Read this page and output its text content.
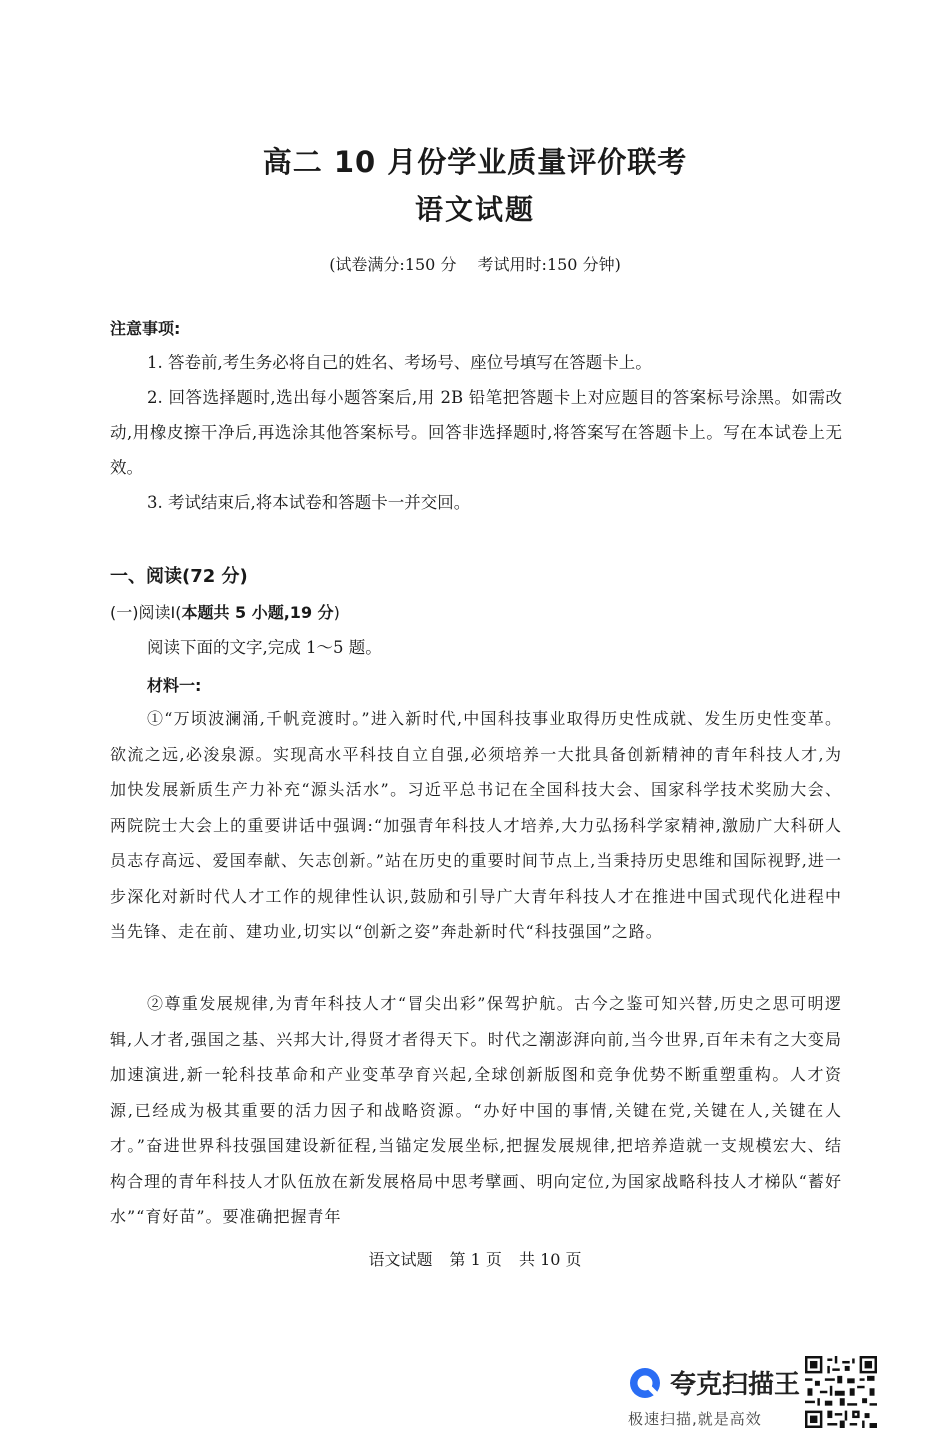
高二 10 月份学业质量评价联考
语文试题
(试卷满分:150 分 考试用时:150 分钟)
注意事项:
1. 答卷前,考生务必将自己的姓名、考场号、座位号填写在答题卡上。
2. 回答选择题时,选出每小题答案后,用 2B 铅笔把答题卡上对应题目的答案标号涂黑。如需改动,用橡皮擦干净后,再选涂其他答案标号。回答非选择题时,将答案写在答题卡上。写在本试卷上无效。
3. 考试结束后,将本试卷和答题卡一并交回。
一、阅读(72 分)
(一)阅读Ⅰ(本题共 5 小题,19 分)
阅读下面的文字,完成 1～5 题。
材料一:
①“万顷波澜涌,千帆竞渡时。”进入新时代,中国科技事业取得历史性成就、发生历史性变革。欲流之远,必浚泉源。实现高水平科技自立自强,必须培养一大批具备创新精神的青年科技人才,为加快发展新质生产力补充“源头活水”。习近平总书记在全国科技大会、国家科学技术奖励大会、两院院士大会上的重要讲话中强调:“加强青年科技人才培养,大力弘扬科学家精神,激励广大科研人员志存高远、爱国奉献、矢志创新。”站在历史的重要时间节点上,当秉持历史思维和国际视野,进一步深化对新时代人才工作的规律性认识,鼓励和引导广大青年科技人才在推进中国式现代化进程中当先锋、走在前、建功业,切实以“创新之姿”奔赴新时代“科技强国”之路。
②尊重发展规律,为青年科技人才“冒尖出彩”保驾护航。古今之鉴可知兴替,历史之思可明逻辑,人才者,强国之基、兴邦大计,得贤才者得天下。时代之潮澎湃向前,当今世界,百年未有之大变局加速演进,新一轮科技革命和产业变革孕育兴起,全球创新版图和竞争优势不断重塑重构。人才资源,已经成为极其重要的活力因子和战略资源。“办好中国的事情,关键在党,关键在人,关键在人才。”奋进世界科技强国建设新征程,当锚定发展坐标,把握发展规律,把培养造就一支规模宏大、结构合理的青年科技人才队伍放在新发展格局中思考擘画、明向定位,为国家战略科技人才梯队“蓄好水”“育好苗”。要准确把握青年
语文试题 第 1 页 共 10 页
夸克扫描王
极速扫描,就是高效
